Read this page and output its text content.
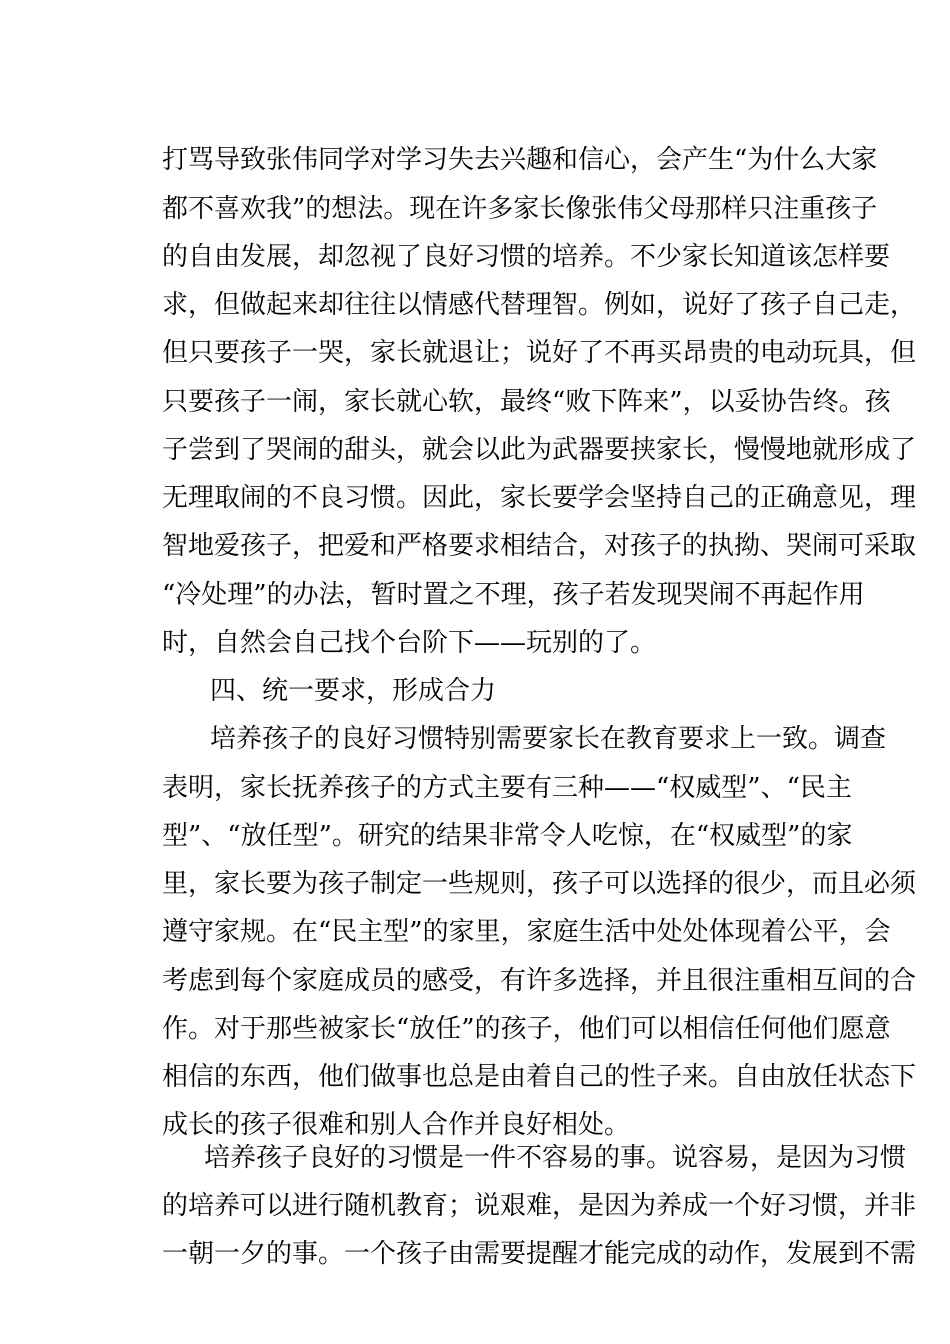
打骂导致张伟同学对学习失去兴趣和信心，会产生“为什么大家
都不喜欢我”的想法。现在许多家长像张伟父母那样只注重孩子
的自由发展，却忽视了良好习惯的培养。不少家长知道该怎样要
求，但做起来却往往以情感代替理智。例如，说好了孩子自己走，
但只要孩子一哭，家长就退让；说好了不再买昂贵的电动玩具，但
只要孩子一闹，家长就心软，最终“败下阵来”，以妥协告终。孩
子尝到了哭闹的甜头，就会以此为武器要挟家长，慢慢地就形成了
无理取闹的不良习惯。因此，家长要学会坚持自己的正确意见，理
智地爱孩子，把爱和严格要求相结合，对孩子的执拗、哭闹可采取
“冷处理”的办法，暂时置之不理，孩子若发现哭闹不再起作用
时，自然会自己找个台阶下——玩别的了。
四、统一要求，形成合力
培养孩子的良好习惯特别需要家长在教育要求上一致。调查
表明，家长抚养孩子的方式主要有三种——“权威型”、“民主
型”、“放任型”。研究的结果非常令人吃惊，在“权威型”的家
里，家长要为孩子制定一些规则，孩子可以选择的很少，而且必须
遵守家规。在“民主型”的家里，家庭生活中处处体现着公平，会
考虑到每个家庭成员的感受，有许多选择，并且很注重相互间的合
作。对于那些被家长“放任”的孩子，他们可以相信任何他们愿意
相信的东西，他们做事也总是由着自己的性子来。自由放任状态下
成长的孩子很难和别人合作并良好相处。
培养孩子良好的习惯是一件不容易的事。说容易，是因为习惯
的培养可以进行随机教育；说艰难，是因为养成一个好习惯，并非
一朝一夕的事。一个孩子由需要提醒才能完成的动作，发展到不需
